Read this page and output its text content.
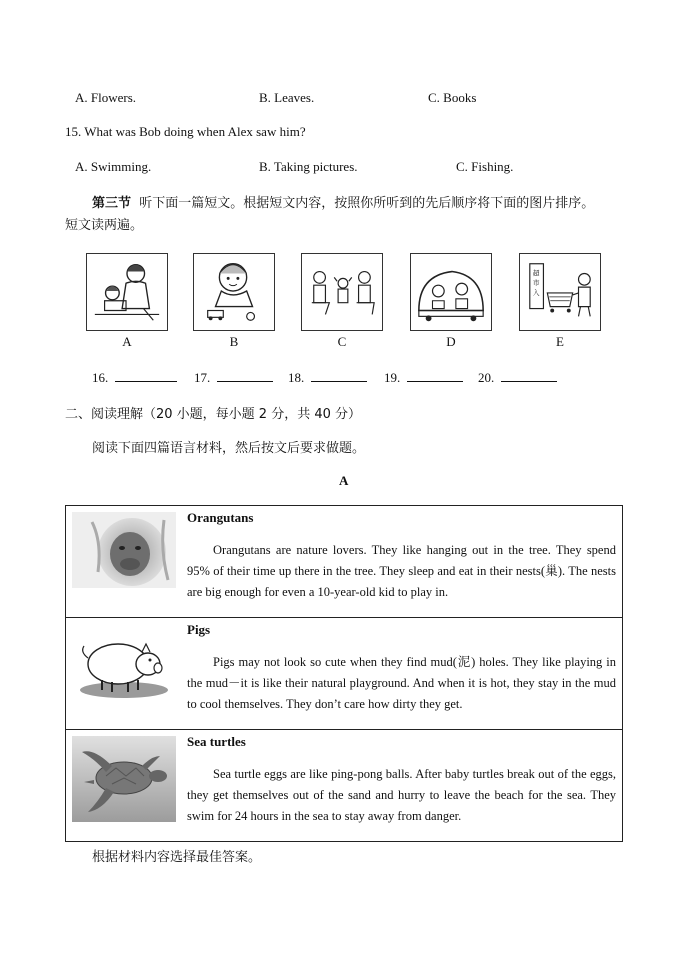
A. Flowers.	B. Leaves.	C. Books
15. What was Bob doing when Alex saw him?
A. Swimming.	B. Taking pictures.	C. Fishing.
第三节 听下面一篇短文。根据短文内容，按照你所听到的先后顺序将下面的图片排序。
短文读两遍。
超
市
入
A	B	C	D	E
16.	17.	18.	19.	20.
二、阅读理解（20 小题，每小题 2 分，共 40 分）
阅读下面四篇语言材料，然后按文后要求做题。
A
Orangutans
Orangutans are nature lovers. They like hanging out in the tree. They spend 95% of their time up there in the tree. They sleep and eat in their nests(巢). The nests are big enough for even a 10-year-old kid to play in.

Pigs
Pigs may not look so cute when they find mud(泥) holes. They like playing in the mud－it is like their natural playground. And when it is hot, they stay in the mud to cool themselves. They don’t care how dirty they get.

Sea turtles
Sea turtle eggs are like ping-pong balls. After baby turtles break out of the eggs, they get themselves out of the sand and hurry to leave the beach for the sea. They swim for 24 hours in the sea to stay away from danger.
根据材料内容选择最佳答案。
